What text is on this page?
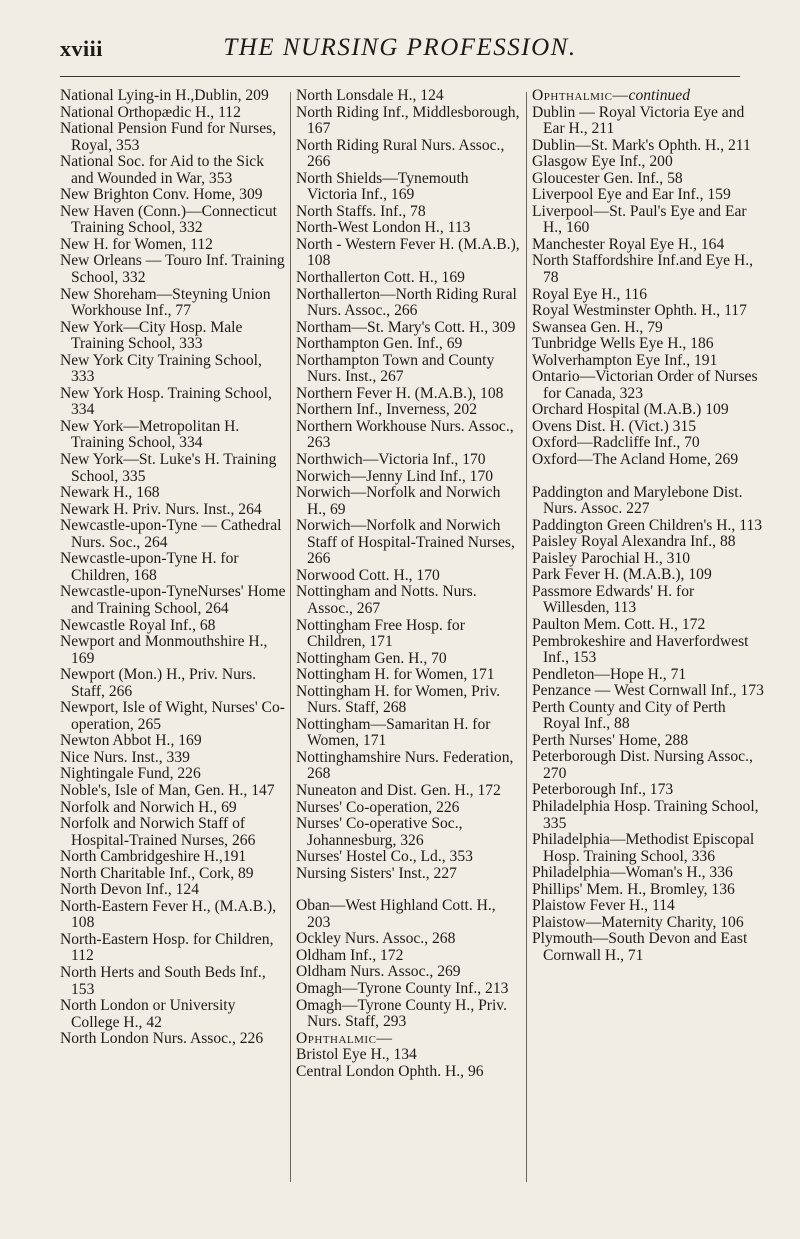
xviii	THE NURSING PROFESSION.

National Lying-in H.,Dublin, 209

National Orthopædic H., 112

National Pension Fund for Nurses, Royal, 353

National Soc. for Aid to the Sick and Wounded in War, 353

New Brighton Conv. Home, 309

New Haven (Conn.)—Connecticut Training School, 332

New H. for Women, 112

New Orleans — Touro Inf. Training School, 332

New Shoreham—Steyning Union Workhouse Inf., 77

New York—City Hosp. Male Training School, 333

New York City Training School, 333

New York Hosp. Training School, 334

New York—Metropolitan H. Training School, 334

New York—St. Luke's H. Training School, 335

Newark H., 168

Newark H. Priv. Nurs. Inst., 264

Newcastle-upon-Tyne — Cathedral Nurs. Soc., 264

Newcastle-upon-Tyne H. for Children, 168

Newcastle-upon-TyneNurses' Home and Training School, 264

Newcastle Royal Inf., 68

Newport and Monmouthshire H., 169

Newport (Mon.) H., Priv. Nurs. Staff, 266

Newport, Isle of Wight, Nurses' Co-operation, 265

Newton Abbot H., 169

Nice Nurs. Inst., 339

Nightingale Fund, 226

Noble's, Isle of Man, Gen. H., 147

Norfolk and Norwich H., 69

Norfolk and Norwich Staff of Hospital-Trained Nurses, 266

North Cambridgeshire H.,191

North Charitable Inf., Cork, 89

North Devon Inf., 124

North-Eastern Fever H., (M.A.B.), 108

North-Eastern Hosp. for Children, 112

North Herts and South Beds Inf., 153

North London or University College H., 42

North London Nurs. Assoc., 226

North Lonsdale H., 124

North Riding Inf., Middlesborough, 167

North Riding Rural Nurs. Assoc., 266

North Shields—Tynemouth Victoria Inf., 169

North Staffs. Inf., 78

North-West London H., 113

North - Western Fever H. (M.A.B.), 108

Northallerton Cott. H., 169

Northallerton—North Riding Rural Nurs. Assoc., 266

Northam—St. Mary's Cott. H., 309

Northampton Gen. Inf., 69

Northampton Town and County Nurs. Inst., 267

Northern Fever H. (M.A.B.), 108

Northern Inf., Inverness, 202

Northern Workhouse Nurs. Assoc., 263

Northwich—Victoria Inf., 170

Norwich—Jenny Lind Inf., 170

Norwich—Norfolk and Norwich H., 69

Norwich—Norfolk and Norwich Staff of Hospital-Trained Nurses, 266

Norwood Cott. H., 170

Nottingham and Notts. Nurs. Assoc., 267

Nottingham Free Hosp. for Children, 171

Nottingham Gen. H., 70

Nottingham H. for Women, 171

Nottingham H. for Women, Priv. Nurs. Staff, 268

Nottingham—Samaritan H. for Women, 171

Nottinghamshire Nurs. Federation, 268

Nuneaton and Dist. Gen. H., 172

Nurses' Co-operation, 226

Nurses' Co-operative Soc., Johannesburg, 326

Nurses' Hostel Co., Ld., 353

Nursing Sisters' Inst., 227

Oban—West Highland Cott. H., 203

Ockley Nurs. Assoc., 268

Oldham Inf., 172

Oldham Nurs. Assoc., 269

Omagh—Tyrone County Inf., 213

Omagh—Tyrone County H., Priv. Nurs. Staff, 293

Ophthalmic—

Bristol Eye H., 134

Central London Ophth. H., 96

Ophthalmic—continued

Dublin — Royal Victoria Eye and Ear H., 211

Dublin—St. Mark's Ophth. H., 211

Glasgow Eye Inf., 200

Gloucester Gen. Inf., 58

Liverpool Eye and Ear Inf., 159

Liverpool—St. Paul's Eye and Ear H., 160

Manchester Royal Eye H., 164

North Staffordshire Inf.and Eye H., 78

Royal Eye H., 116

Royal Westminster Ophth. H., 117

Swansea Gen. H., 79

Tunbridge Wells Eye H., 186

Wolverhampton Eye Inf., 191

Ontario—Victorian Order of Nurses for Canada, 323

Orchard Hospital (M.A.B.) 109

Ovens Dist. H. (Vict.) 315

Oxford—Radcliffe Inf., 70

Oxford—The Acland Home, 269

Paddington and Marylebone Dist. Nurs. Assoc. 227

Paddington Green Children's H., 113

Paisley Royal Alexandra Inf., 88

Paisley Parochial H., 310

Park Fever H. (M.A.B.), 109

Passmore Edwards' H. for Willesden, 113

Paulton Mem. Cott. H., 172

Pembrokeshire and Haverfordwest Inf., 153

Pendleton—Hope H., 71

Penzance — West Cornwall Inf., 173

Perth County and City of Perth Royal Inf., 88

Perth Nurses' Home, 288

Peterborough Dist. Nursing Assoc., 270

Peterborough Inf., 173

Philadelphia Hosp. Training School, 335

Philadelphia—Methodist Episcopal Hosp. Training School, 336

Philadelphia—Woman's H., 336

Phillips' Mem. H., Bromley, 136

Plaistow Fever H., 114

Plaistow—Maternity Charity, 106

Plymouth—South Devon and East Cornwall H., 71
